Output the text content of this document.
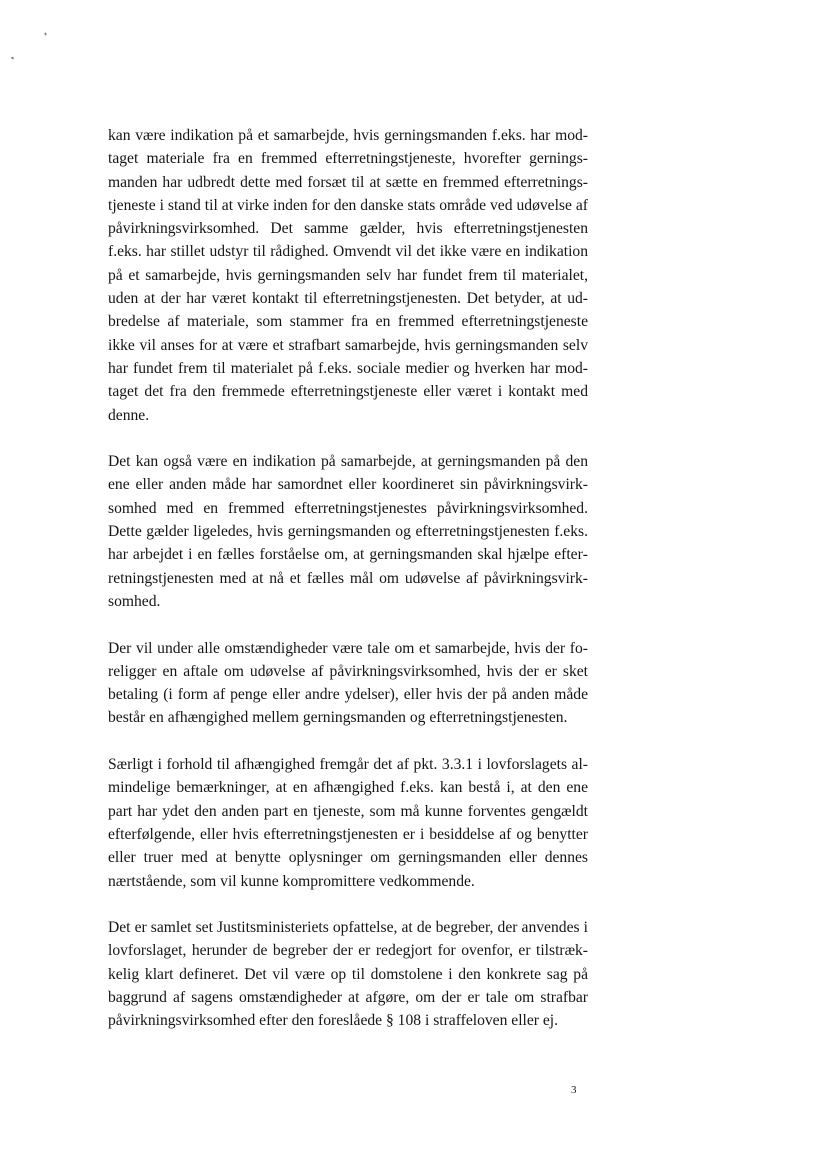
kan være indikation på et samarbejde, hvis gerningsmanden f.eks. har modtaget materiale fra en fremmed efterretningstjeneste, hvorefter gerningsmanden har udbredt dette med forsæt til at sætte en fremmed efterretningstjeneste i stand til at virke inden for den danske stats område ved udøvelse af påvirkningsvirksomhed. Det samme gælder, hvis efterretningstjenesten f.eks. har stillet udstyr til rådighed. Omvendt vil det ikke være en indikation på et samarbejde, hvis gerningsmanden selv har fundet frem til materialet, uden at der har været kontakt til efterretningstjenesten. Det betyder, at udbredelse af materiale, som stammer fra en fremmed efterretningstjeneste ikke vil anses for at være et strafbart samarbejde, hvis gerningsmanden selv har fundet frem til materialet på f.eks. sociale medier og hverken har modtaget det fra den fremmede efterretningstjeneste eller været i kontakt med denne.

Det kan også være en indikation på samarbejde, at gerningsmanden på den ene eller anden måde har samordnet eller koordineret sin påvirkningsvirksomhed med en fremmed efterretningstjenestes påvirkningsvirksomhed. Dette gælder ligeledes, hvis gerningsmanden og efterretningstjenesten f.eks. har arbejdet i en fælles forståelse om, at gerningsmanden skal hjælpe efterretningstjenesten med at nå et fælles mål om udøvelse af påvirkningsvirksomhed.

Der vil under alle omstændigheder være tale om et samarbejde, hvis der foreligger en aftale om udøvelse af påvirkningsvirksomhed, hvis der er sket betaling (i form af penge eller andre ydelser), eller hvis der på anden måde består en afhængighed mellem gerningsmanden og efterretningstjenesten.

Særligt i forhold til afhængighed fremgår det af pkt. 3.3.1 i lovforslagets almindelige bemærkninger, at en afhængighed f.eks. kan bestå i, at den ene part har ydet den anden part en tjeneste, som må kunne forventes gengældt efterfølgende, eller hvis efterretningstjenesten er i besiddelse af og benytter eller truer med at benytte oplysninger om gerningsmanden eller dennes nærtstående, som vil kunne kompromittere vedkommende.

Det er samlet set Justitsministeriets opfattelse, at de begreber, der anvendes i lovforslaget, herunder de begreber der er redegjort for ovenfor, er tilstrækkelig klart defineret. Det vil være op til domstolene i den konkrete sag på baggrund af sagens omstændigheder at afgøre, om der er tale om strafbar påvirkningsvirksomhed efter den foreslåede § 108 i straffeloven eller ej.

3
